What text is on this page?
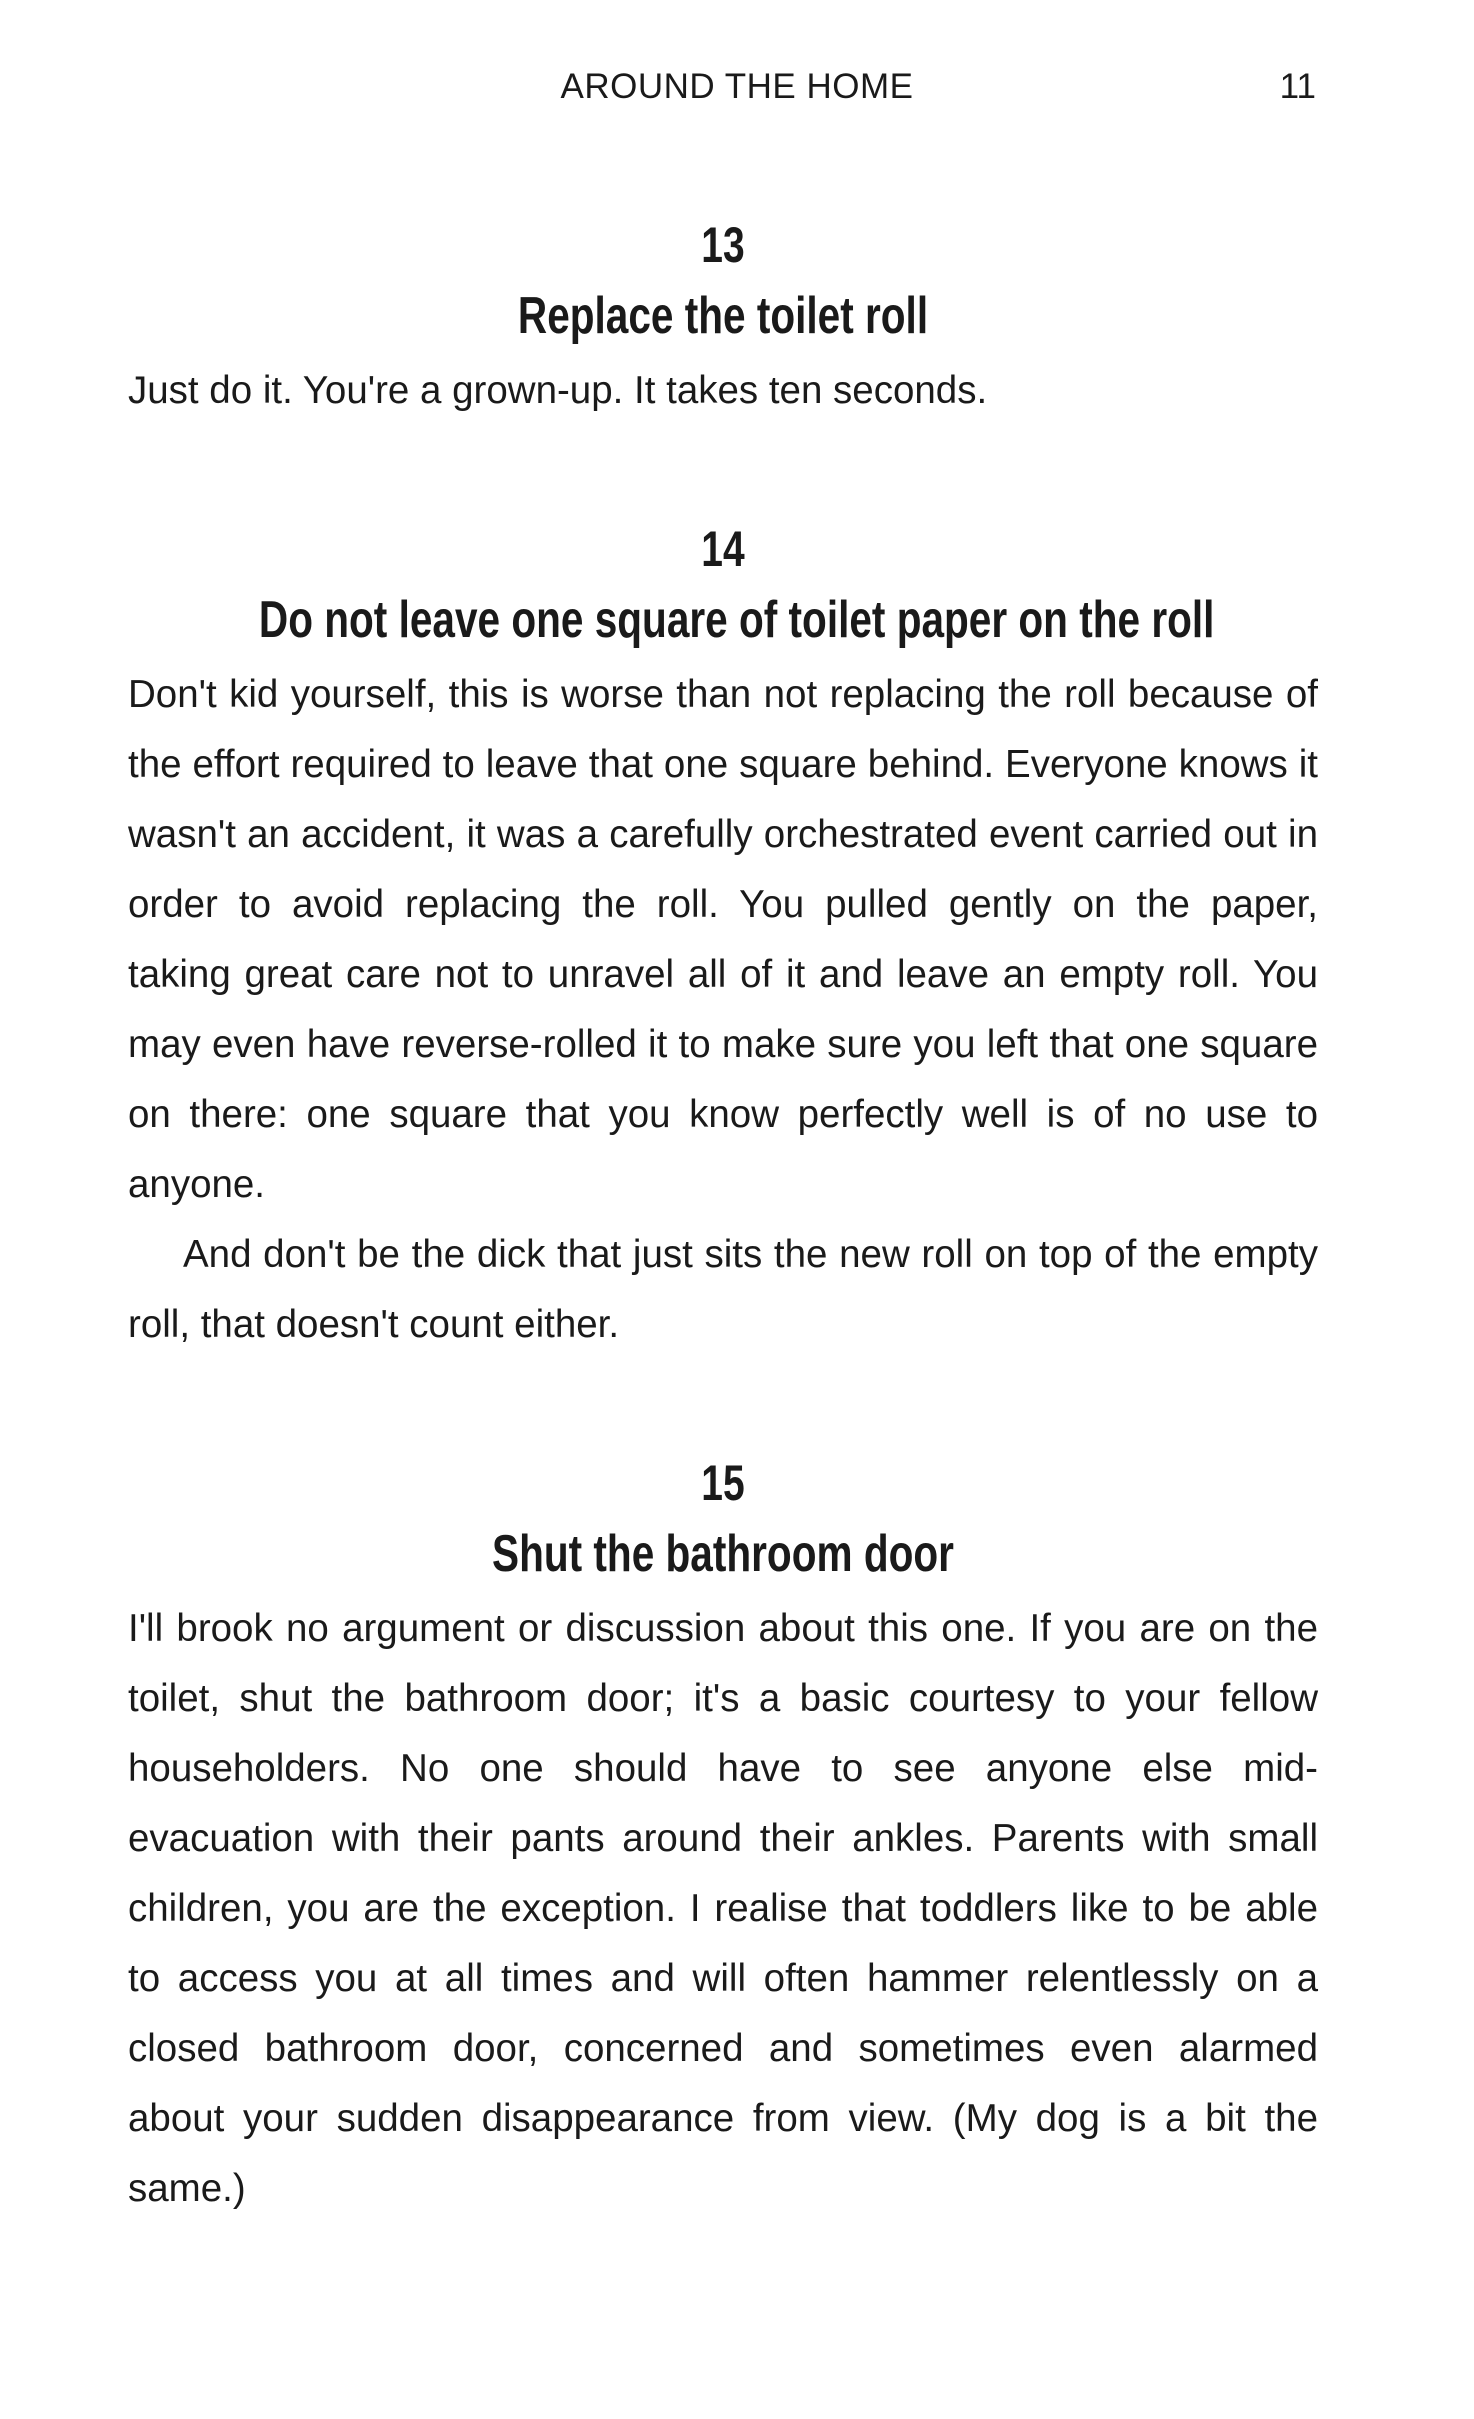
AROUND THE HOME	11
13
Replace the toilet roll

Just do it. You're a grown-up. It takes ten seconds.

14
Do not leave one square of toilet paper on the roll

Don't kid yourself, this is worse than not replacing the roll because of the effort required to leave that one square behind. Everyone knows it wasn't an accident, it was a carefully orchestrated event carried out in order to avoid replacing the roll. You pulled gently on the paper, taking great care not to unravel all of it and leave an empty roll. You may even have reverse-rolled it to make sure you left that one square on there: one square that you know perfectly well is of no use to anyone.

And don't be the dick that just sits the new roll on top of the empty roll, that doesn't count either.

15
Shut the bathroom door

I'll brook no argument or discussion about this one. If you are on the toilet, shut the bathroom door; it's a basic courtesy to your fellow householders. No one should have to see anyone else mid-evacuation with their pants around their ankles. Parents with small children, you are the exception. I realise that toddlers like to be able to access you at all times and will often hammer relentlessly on a closed bathroom door, concerned and sometimes even alarmed about your sudden disappearance from view. (My dog is a bit the same.)
